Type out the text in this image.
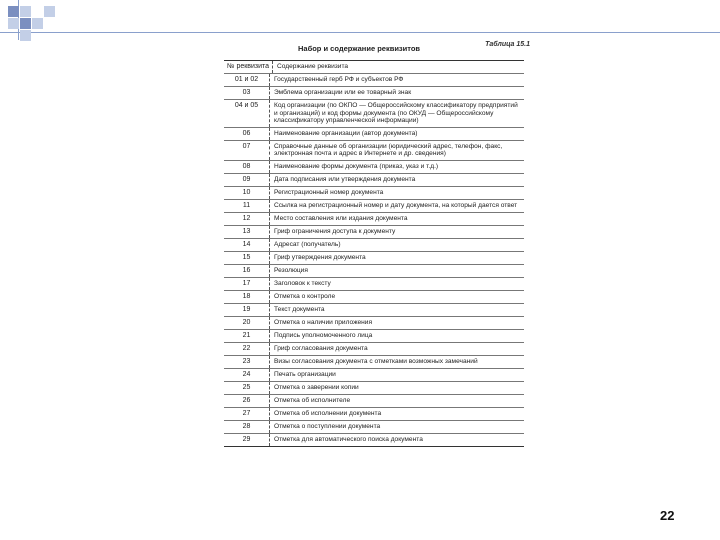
Таблица 15.1
Набор и содержание реквизитов
№ реквизита	Содержание реквизита
01 и 02	Государственный герб РФ и субъектов РФ
03	Эмблема организации или ее товарный знак
04 и 05	Код организации (по ОКПО — Общероссийскому классификатору предприятий и организаций) и код формы документа (по ОКУД — Общероссийскому классификатору управленческой информации)
06	Наименование организации (автор документа)
07	Справочные данные об организации (юридический адрес, телефон, факс, электронная почта и адрес в Интернете и др. сведения)
08	Наименование формы документа (приказ, указ и т.д.)
09	Дата подписания или утверждения документа
10	Регистрационный номер документа
11	Ссылка на регистрационный номер и дату документа, на который дается ответ
12	Место составления или издания документа
13	Гриф ограничения доступа к документу
14	Адресат (получатель)
15	Гриф утверждения документа
16	Резолюция
17	Заголовок к тексту
18	Отметка о контроле
19	Текст документа
20	Отметка о наличии приложения
21	Подпись уполномоченного лица
22	Гриф согласования документа
23	Визы согласования документа с отметками возможных замечаний
24	Печать организации
25	Отметка о заверении копии
26	Отметка об исполнителе
27	Отметка об исполнении документа
28	Отметка о поступлении документа
29	Отметка для автоматического поиска документа
22
